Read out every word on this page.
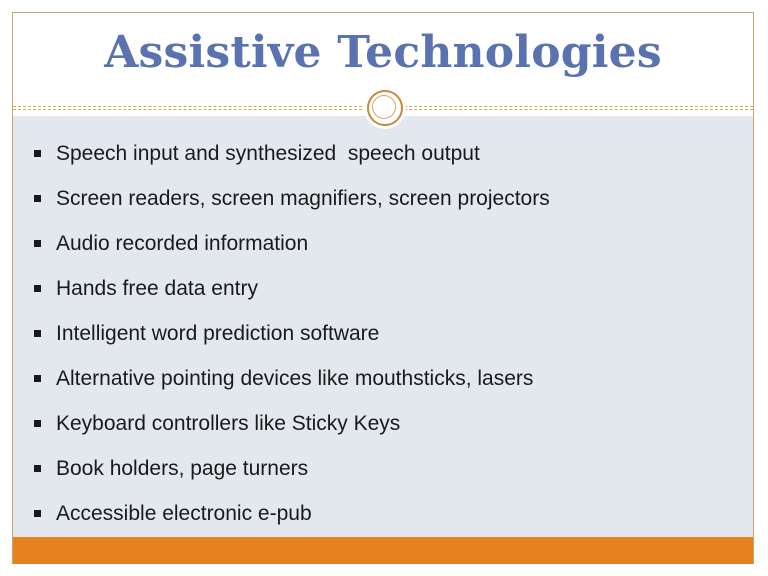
Assistive Technologies

Speech input and synthesized  speech output

Screen readers, screen magnifiers, screen projectors

Audio recorded information

Hands free data entry

Intelligent word prediction software

Alternative pointing devices like mouthsticks, lasers

Keyboard controllers like Sticky Keys

Book holders, page turners

Accessible electronic e-pub
